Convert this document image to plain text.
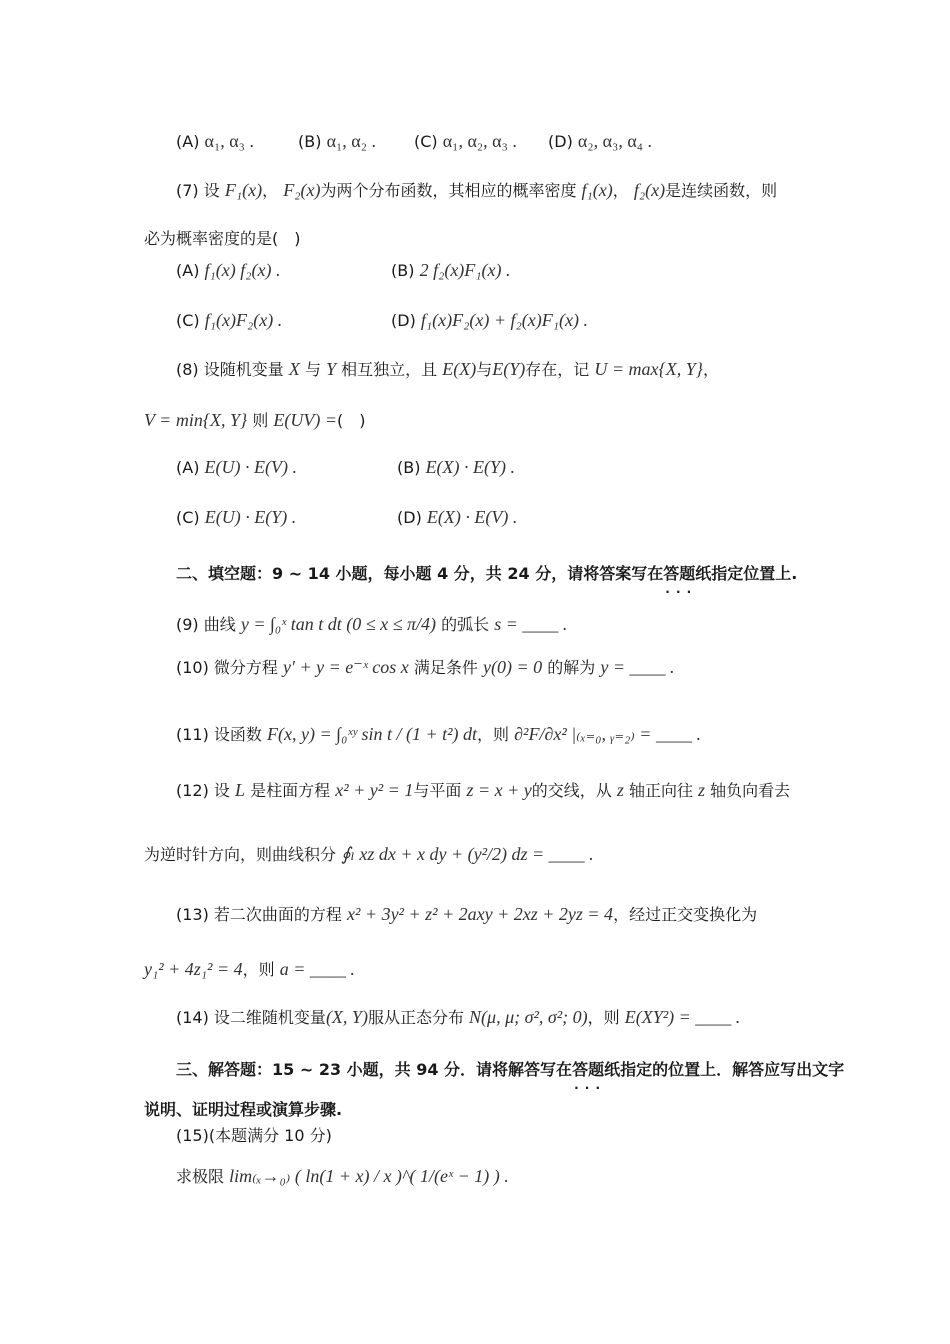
(A) α₁, α₃ .	(B) α₁, α₂ . (C) α₁, α₂, α₃ . (D) α₂, α₃, α₄ .
(7) 设 F₁(x)， F₂(x)为两个分布函数，其相应的概率密度 f₁(x)， f₂(x)是连续函数，则
必为概率密度的是(　)
(A) f₁(x) f₂(x) .	(B) 2 f₂(x)F₁(x) .
(C) f₁(x)F₂(x) .	(D) f₁(x)F₂(x) + f₂(x)F₁(x) .
(8) 设随机变量 X 与 Y 相互独立，且 E(X)与E(Y)存在，记 U = max{X, Y}，
V = min{X, Y} 则 E(UV) =(　)
(A) E(U) · E(V) .	(B) E(X) · E(Y) .
(C) E(U) · E(Y) .	(D) E(X) · E(V) .
二、填空题：9 ~ 14 小题，每小题 4 分，共 24 分，请将答案写在答题纸 · · ·指定位置上.
(9) 曲线 y = ∫₀ˣ tan t dt (0 ≤ x ≤ π/4) 的弧长 s = ____ .
(10) 微分方程 y′ + y = e⁻ˣ cos x 满足条件 y(0) = 0 的解为 y = ____ .
(11) 设函数 F(x, y) = ∫₀ˣʸ sin t / (1 + t²) dt，则 ∂²F/∂x² |₍ₓ₌₀, ᵧ₌₂₎ = ____ .
(12) 设 L 是柱面方程 x² + y² = 1与平面 z = x + y的交线，从 z 轴正向往 z 轴负向看去
为逆时针方向，则曲线积分 ∮ₗ xz dx + x dy + (y²/2) dz = ____ .
(13) 若二次曲面的方程 x² + 3y² + z² + 2axy + 2xz + 2yz = 4，经过正交变换化为
y₁² + 4z₁² = 4，则 a = ____ .
(14) 设二维随机变量(X, Y)服从正态分布 N(μ, μ; σ², σ²; 0)，则 E(XY²) = ____ .
三、解答题：15 ~ 23 小题，共 94 分．请将解答写在答题纸 · · ·指定的位置上．解答应写出文字
说明、证明过程或演算步骤.
(15)(本题满分 10 分)
求极限 lim₍ₓ→₀₎ ( ln(1 + x) / x )^( 1/(eˣ − 1) ) .
